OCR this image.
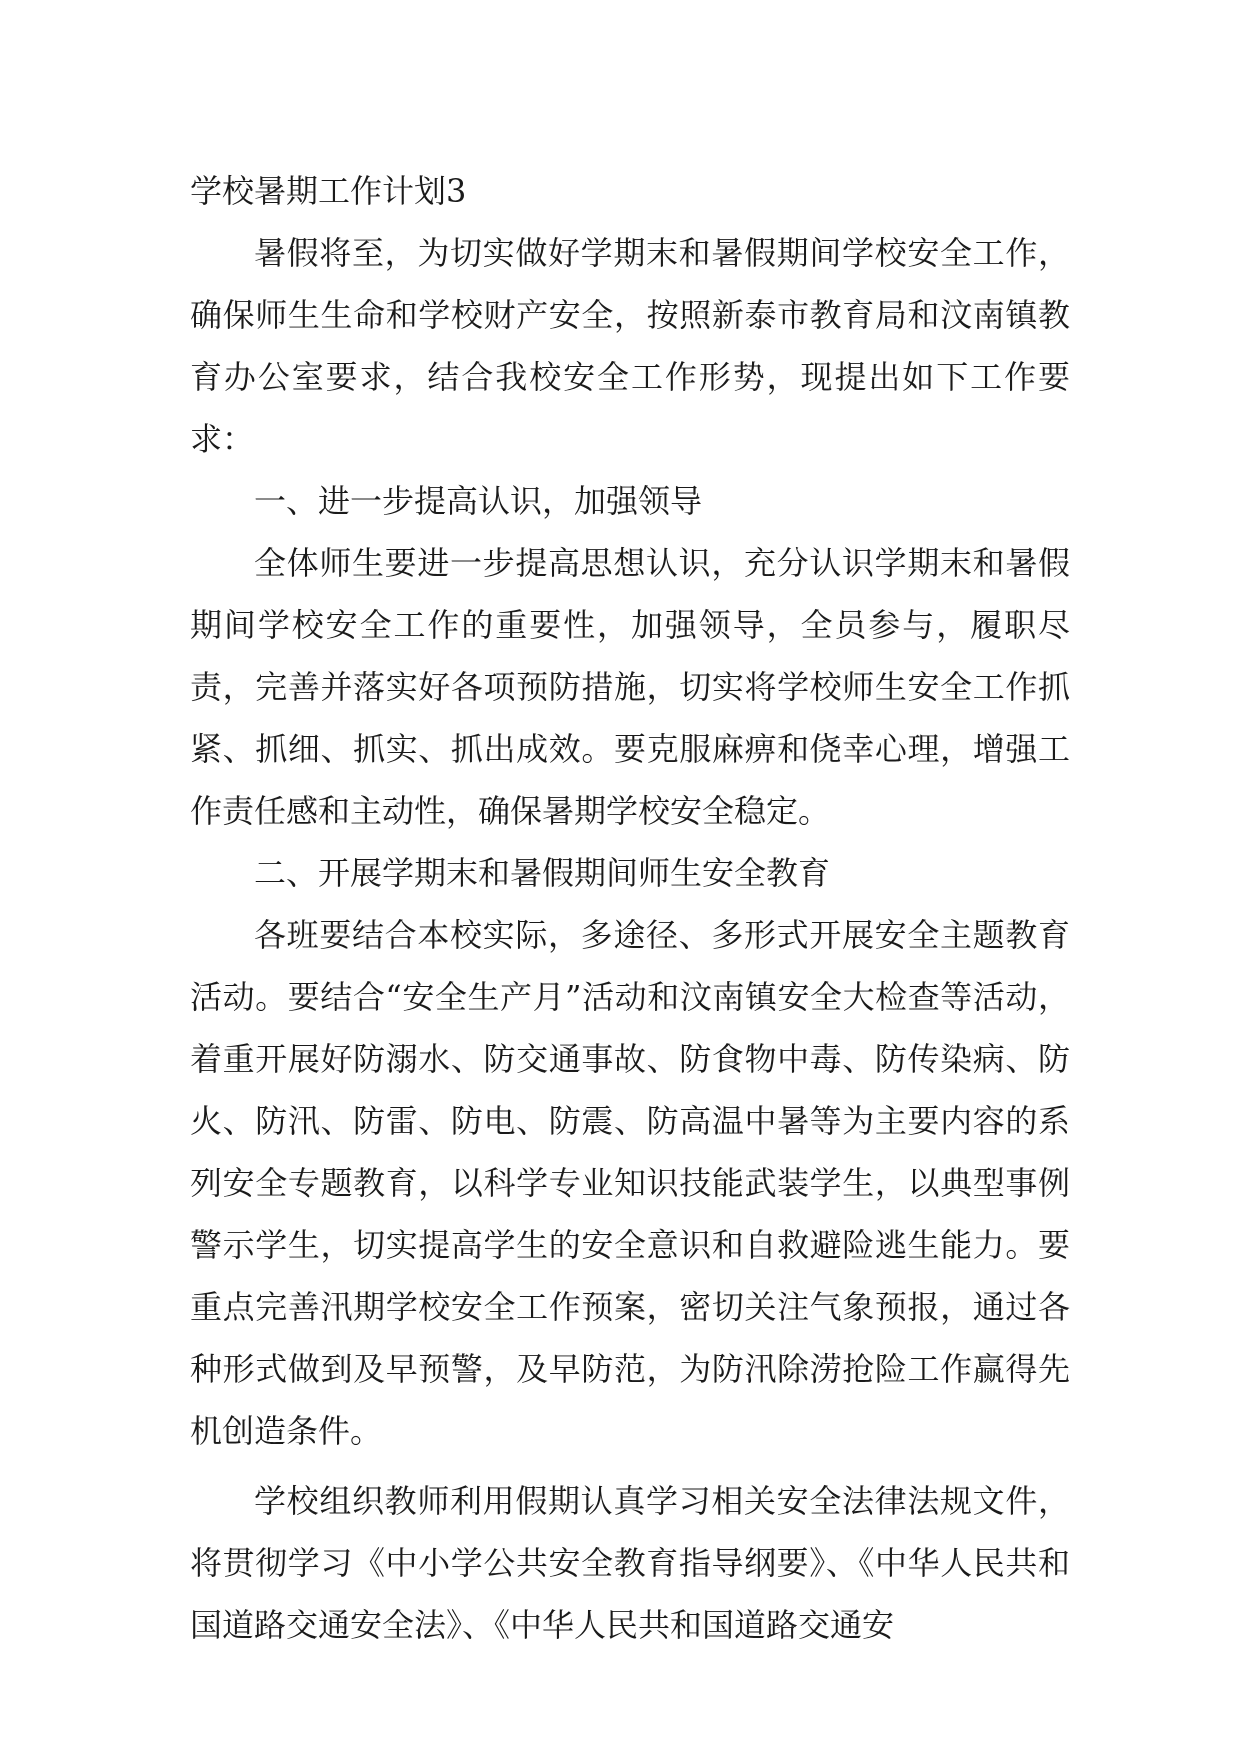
学校暑期工作计划3

暑假将至，为切实做好学期末和暑假期间学校安全工作，确保师生生命和学校财产安全，按照新泰市教育局和汶南镇教育办公室要求，结合我校安全工作形势，现提出如下工作要求：

一、进一步提高认识，加强领导

全体师生要进一步提高思想认识，充分认识学期末和暑假期间学校安全工作的重要性，加强领导，全员参与，履职尽责，完善并落实好各项预防措施，切实将学校师生安全工作抓紧、抓细、抓实、抓出成效。要克服麻痹和侥幸心理，增强工作责任感和主动性，确保暑期学校安全稳定。

二、开展学期末和暑假期间师生安全教育

各班要结合本校实际，多途径、多形式开展安全主题教育活动。要结合“安全生产月”活动和汶南镇安全大检查等活动，着重开展好防溺水、防交通事故、防食物中毒、防传染病、防火、防汛、防雷、防电、防震、防高温中暑等为主要内容的系列安全专题教育，以科学专业知识技能武装学生，以典型事例警示学生，切实提高学生的安全意识和自救避险逃生能力。要重点完善汛期学校安全工作预案，密切关注气象预报，通过各种形式做到及早预警，及早防范，为防汛除涝抢险工作赢得先机创造条件。

学校组织教师利用假期认真学习相关安全法律法规文件，将贯彻学习《中小学公共安全教育指导纲要》、《中华人民共和国道路交通安全法》、《中华人民共和国道路交通安
